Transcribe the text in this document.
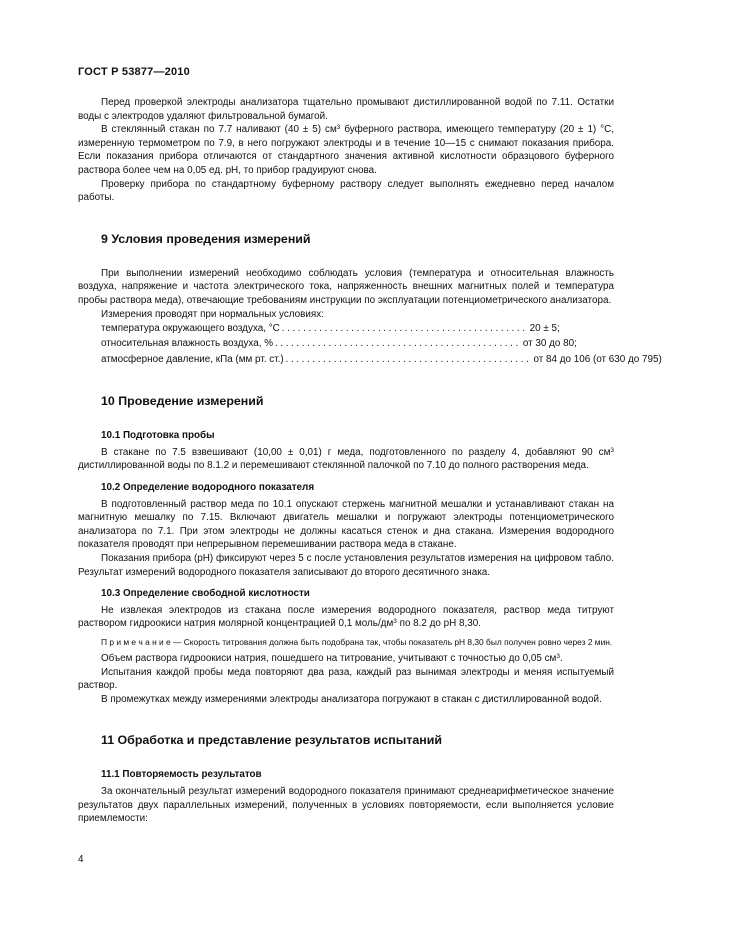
ГОСТ Р 53877—2010

Перед проверкой электроды анализатора тщательно промывают дистиллированной водой по 7.11. Остатки воды с электродов удаляют фильтровальной бумагой.

В стеклянный стакан по 7.7 наливают (40 ± 5) $см^3$ буферного раствора, имеющего температуру (20 ± 1) °C, измеренную термометром по 7.9, в него погружают электроды и в течение 10—15 с снимают показания прибора. Если показания прибора отличаются от стандартного значения активной кислотности образцового буферного раствора более чем на 0,05 ед. pH, то прибор градуируют снова.

Проверку прибора по стандартному буферному раствору следует выполнять ежедневно перед началом работы.

9 Условия проведения измерений

При выполнении измерений необходимо соблюдать условия (температура и относительная влажность воздуха, напряжение и частота электрического тока, напряженность внешних магнитных полей и температура пробы раствора меда), отвечающие требованиям инструкции по эксплуатации потенциометрического анализатора.

Измерения проводят при нормальных условиях:

температура окружающего воздуха, °С .............................................. 20 ± 5;
относительная влажность воздуха, % .............................................. от 30 до 80;
атмосферное давление, кПа (мм рт. ст.) .............................................. от 84 до 106 (от 630 до 795)
10 Проведение измерений
10.1 Подготовка пробы

В стакане по 7.5 взвешивают (10,00 ± 0,01) г меда, подготовленного по разделу 4, добавляют 90 $см^3$ дистиллированной воды по 8.1.2 и перемешивают стеклянной палочкой по 7.10 до полного растворения меда.

10.2 Определение водородного показателя

В подготовленный раствор меда по 10.1 опускают стержень магнитной мешалки и устанавливают стакан на магнитную мешалку по 7.15. Включают двигатель мешалки и погружают электроды потенциометрического анализатора по 7.1. При этом электроды не должны касаться стенок и дна стакана. Измерения водородного показателя проводят при непрерывном перемешивании раствора меда в стакане.

Показания прибора (pH) фиксируют через 5 с после установления результатов измерения на цифровом табло. Результат измерений водородного показателя записывают до второго десятичного знака.

10.3 Определение свободной кислотности

Не извлекая электродов из стакана после измерения водородного показателя, раствор меда титруют раствором гидроокиси натрия молярной концентрацией 0,1 моль/$дм^3$ по 8.2 до pH 8,30.

П р и м е ч а н и е — Скорость титрования должна быть подобрана так, чтобы показатель pH 8,30 был получен ровно через 2 мин.

Объем раствора гидроокиси натрия, пошедшего на титрование, учитывают с точностью до 0,05 $см^3$.

Испытания каждой пробы меда повторяют два раза, каждый раз вынимая электроды и меняя испытуемый раствор.

В промежутках между измерениями электроды анализатора погружают в стакан с дистиллированной водой.

11 Обработка и представление результатов испытаний
11.1 Повторяемость результатов

За окончательный результат измерений водородного показателя принимают среднеарифметическое значение результатов двух параллельных измерений, полученных в условиях повторяемости, если выполняется условие приемлемости:

4
